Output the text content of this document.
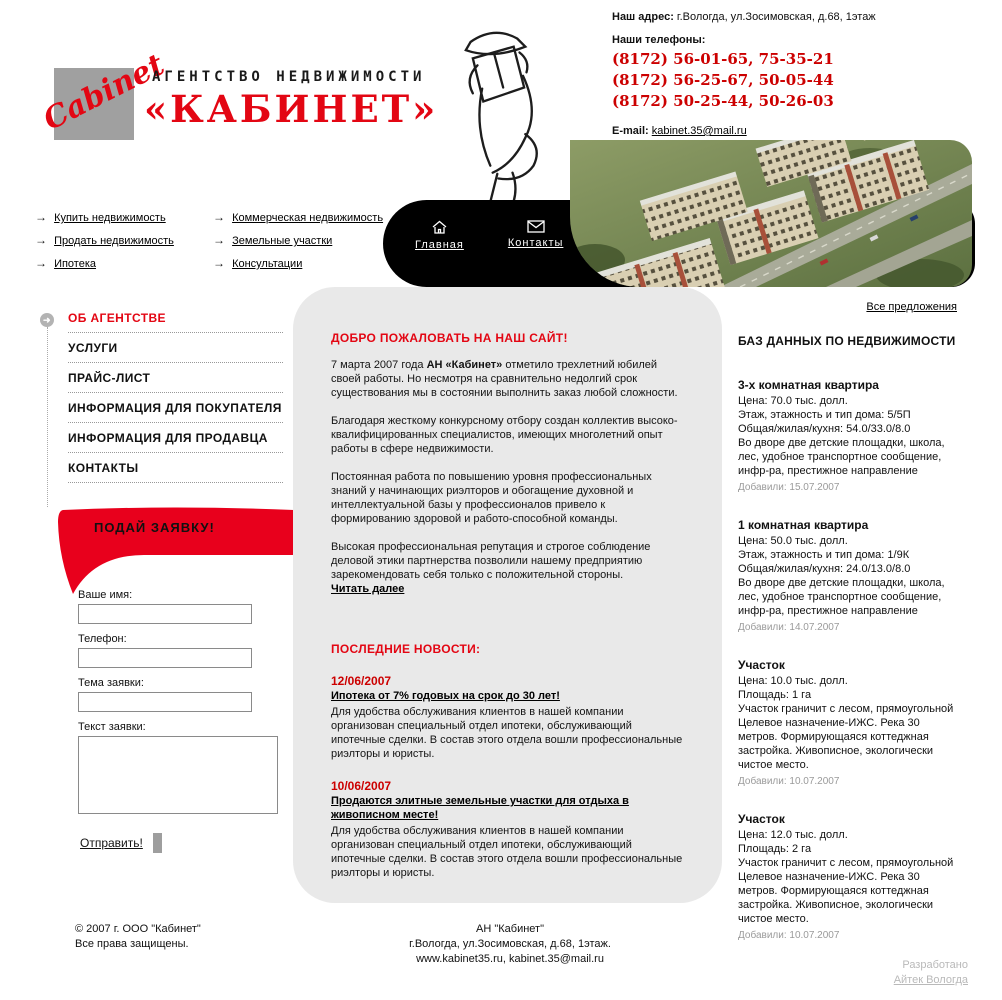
Наш адрес: г.Вологда, ул.Зосимовская, д.68, 1этаж
Наши телефоны:
(8172) 56-01-65, 75-35-21
(8172) 56-25-67, 50-05-44
(8172) 50-25-44, 50-26-03
E-mail: kabinet.35@mail.ru
Cabinet
АГЕНТСТВО НЕДВИЖИМОСТИ
«КАБИНЕТ»
→ Купить недвижимость
→ Продать недвижимость
→ Ипотека
→ Коммерческая недвижимость
→ Земельные участки
→ Консультации
Главная	Контакты
➜ ОБ АГЕНТСТВЕ
УСЛУГИ
ПРАЙС-ЛИСТ
ИНФОРМАЦИЯ ДЛЯ ПОКУПАТЕЛЯ
ИНФОРМАЦИЯ ДЛЯ ПРОДАВЦА
КОНТАКТЫ
ПОДАЙ ЗАЯВКУ!
Ваше имя:
Телефон:
Тема заявки:
Текст заявки:

Отправить!
ДОБРО ПОЖАЛОВАТЬ НА НАШ САЙТ!

7 марта 2007 года АН «Кабинет» отметило трехлетний юбилей своей работы. Но несмотря на сравнительно недолгий срок существования мы в состоянии выполнить заказ любой сложности.

Благодаря жесткому конкурсному отбору создан коллектив высоко-квалифицированных специалистов, имеющих многолетний опыт работы в сфере недвижимости.

Постоянная работа по повышению уровня профессиональных знаний у начинающих риэлторов и обогащение духовной и интеллектуальной базы у профессионалов привело к формированию здоровой и работо-способной команды.

Высокая профессиональная репутация и строгое соблюдение деловой этики партнерства позволили нашему предприятию зарекомендовать себя только с положительной стороны.

Читать далее
ПОСЛЕДНИЕ НОВОСТИ:
12/06/2007
Ипотека от 7% годовых на срок до 30 лет!

Для удобства обслуживания клиентов в нашей компании организован специальный отдел ипотеки, обслуживающий ипотечные сделки. В состав этого отдела вошли профессиональные риэлторы и юристы.

10/06/2007
Продаются элитные земельные участки для отдыха в живописном месте!

Для удобства обслуживания клиентов в нашей компании организован специальный отдел ипотеки, обслуживающий ипотечные сделки. В состав этого отдела вошли профессиональные риэлторы и юристы.

Все предложения
БАЗ ДАННЫХ ПО НЕДВИЖИМОСТИ
3-х комнатная квартира
Цена: 70.0 тыс. долл.
Этаж, этажность и тип дома: 5/5П
Общая/жилая/кухня: 54.0/33.0/8.0
Во дворе две детские площадки, школа, лес, удобное транспортное сообщение, инфр-ра, престижное направление
Добавили: 15.07.2007
1 комнатная квартира
Цена: 50.0 тыс. долл.
Этаж, этажность и тип дома: 1/9К
Общая/жилая/кухня: 24.0/13.0/8.0
Во дворе две детские площадки, школа, лес, удобное транспортное сообщение, инфр-ра, престижное направление
Добавили: 14.07.2007
Участок
Цена: 10.0 тыс. долл.
Площадь: 1 га
Участок граничит с лесом, прямоугольной Целевое назначение-ИЖС. Река 30 метров. Формирующаяся коттеджная застройка. Живописное, экологически чистое место.
Добавили: 10.07.2007
Участок
Цена: 12.0 тыс. долл.
Площадь: 2 га
Участок граничит с лесом, прямоугольной Целевое назначение-ИЖС. Река 30 метров. Формирующаяся коттеджная застройка. Живописное, экологически чистое место.
Добавили: 10.07.2007
© 2007 г. ООО "Кабинет"
Все права защищены.
АН "Кабинет"
г.Вологда, ул.Зосимовская, д.68, 1этаж.
www.kabinet35.ru, kabinet.35@mail.ru	Разработано
Айтек Вологда
